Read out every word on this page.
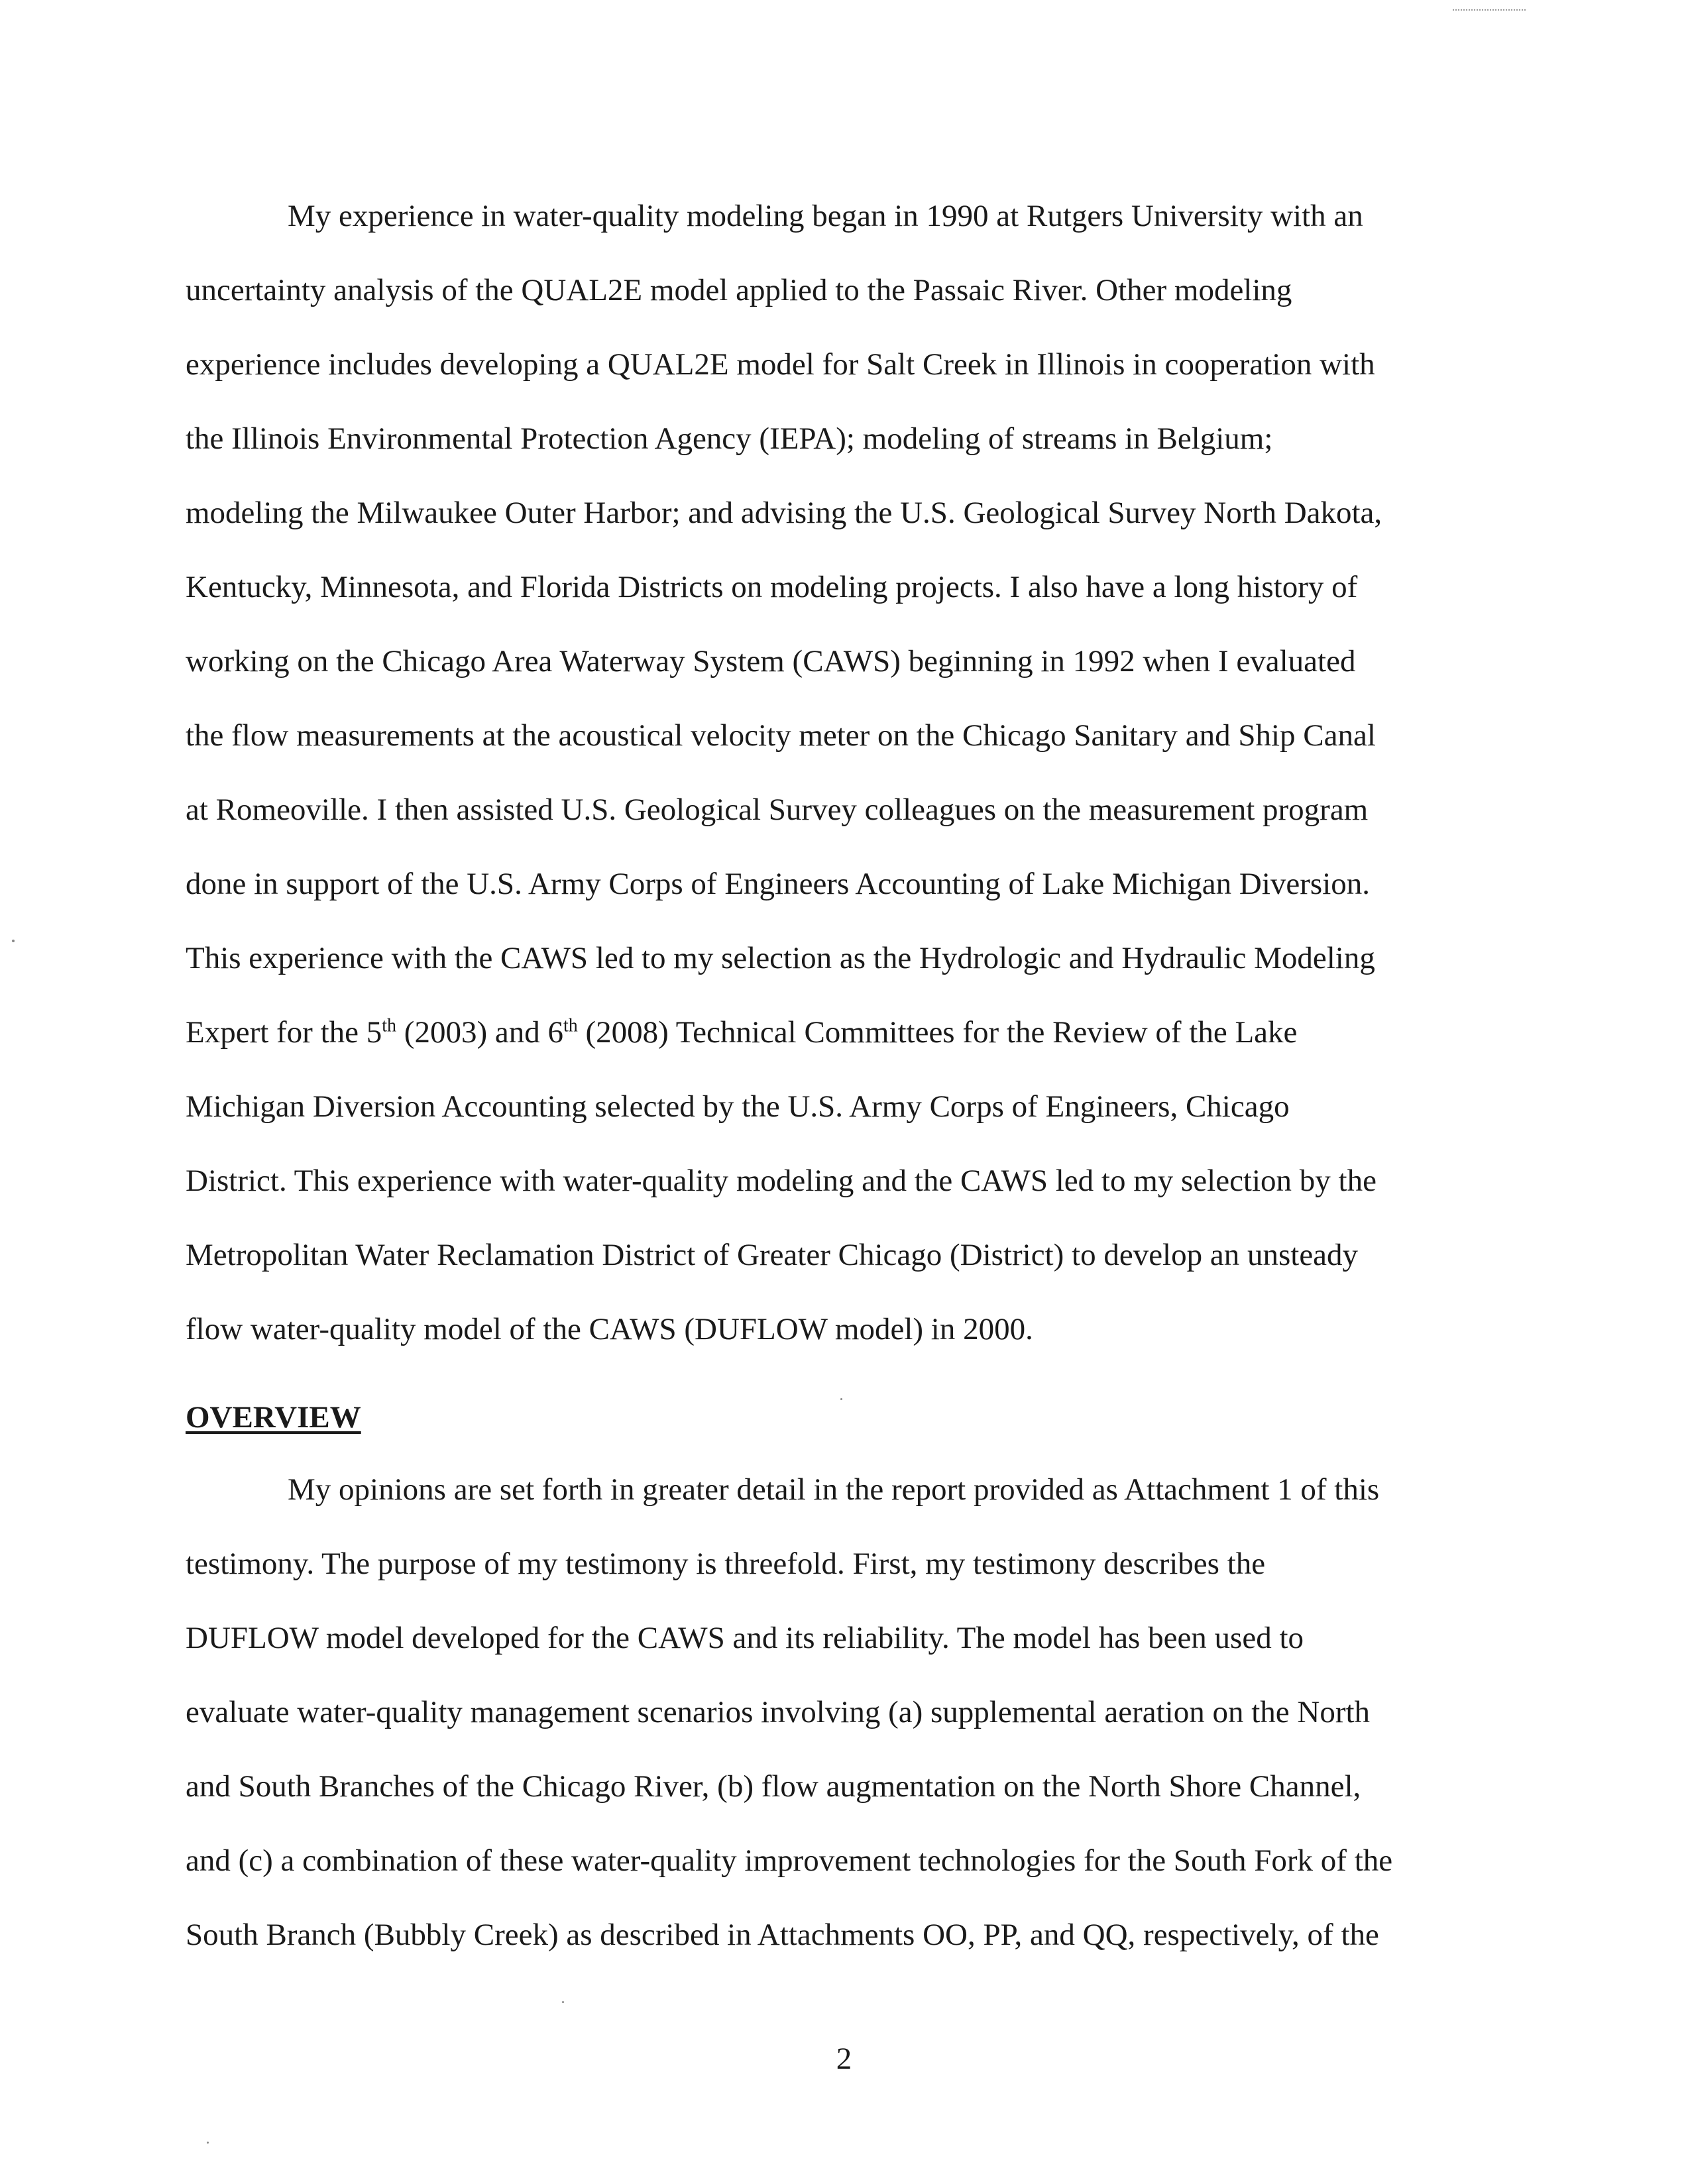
My experience in water-quality modeling began in 1990 at Rutgers University with an
uncertainty analysis of the QUAL2E model applied to the Passaic River. Other modeling
experience includes developing a QUAL2E model for Salt Creek in Illinois in cooperation with
the Illinois Environmental Protection Agency (IEPA); modeling of streams in Belgium;
modeling the Milwaukee Outer Harbor; and advising the U.S. Geological Survey North Dakota,
Kentucky, Minnesota, and Florida Districts on modeling projects. I also have a long history of
working on the Chicago Area Waterway System (CAWS) beginning in 1992 when I evaluated
the flow measurements at the acoustical velocity meter on the Chicago Sanitary and Ship Canal
at Romeoville. I then assisted U.S. Geological Survey colleagues on the measurement program
done in support of the U.S. Army Corps of Engineers Accounting of Lake Michigan Diversion.
This experience with the CAWS led to my selection as the Hydrologic and Hydraulic Modeling
Expert for the 5th (2003) and 6th (2008) Technical Committees for the Review of the Lake
Michigan Diversion Accounting selected by the U.S. Army Corps of Engineers, Chicago
District. This experience with water-quality modeling and the CAWS led to my selection by the
Metropolitan Water Reclamation District of Greater Chicago (District) to develop an unsteady
flow water-quality model of the CAWS (DUFLOW model) in 2000.
OVERVIEW
My opinions are set forth in greater detail in the report provided as Attachment 1 of this
testimony. The purpose of my testimony is threefold. First, my testimony describes the
DUFLOW model developed for the CAWS and its reliability. The model has been used to
evaluate water-quality management scenarios involving (a) supplemental aeration on the North
and South Branches of the Chicago River, (b) flow augmentation on the North Shore Channel,
and (c) a combination of these water-quality improvement technologies for the South Fork of the
South Branch (Bubbly Creek) as described in Attachments OO, PP, and QQ, respectively, of the
2
